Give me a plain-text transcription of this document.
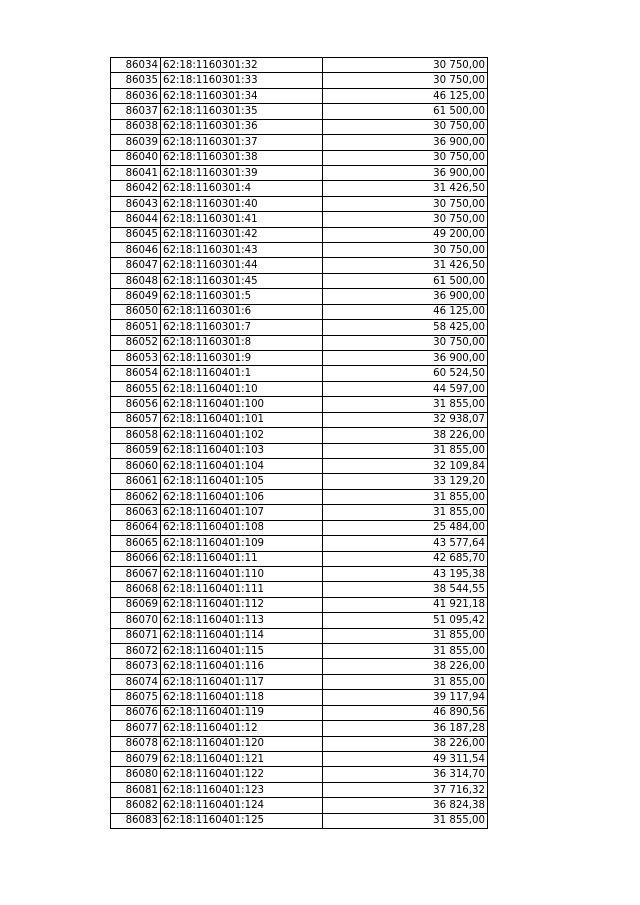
86034	62:18:1160301:32	30 750,00
86035	62:18:1160301:33	30 750,00
86036	62:18:1160301:34	46 125,00
86037	62:18:1160301:35	61 500,00
86038	62:18:1160301:36	30 750,00
86039	62:18:1160301:37	36 900,00
86040	62:18:1160301:38	30 750,00
86041	62:18:1160301:39	36 900,00
86042	62:18:1160301:4	31 426,50
86043	62:18:1160301:40	30 750,00
86044	62:18:1160301:41	30 750,00
86045	62:18:1160301:42	49 200,00
86046	62:18:1160301:43	30 750,00
86047	62:18:1160301:44	31 426,50
86048	62:18:1160301:45	61 500,00
86049	62:18:1160301:5	36 900,00
86050	62:18:1160301:6	46 125,00
86051	62:18:1160301:7	58 425,00
86052	62:18:1160301:8	30 750,00
86053	62:18:1160301:9	36 900,00
86054	62:18:1160401:1	60 524,50
86055	62:18:1160401:10	44 597,00
86056	62:18:1160401:100	31 855,00
86057	62:18:1160401:101	32 938,07
86058	62:18:1160401:102	38 226,00
86059	62:18:1160401:103	31 855,00
86060	62:18:1160401:104	32 109,84
86061	62:18:1160401:105	33 129,20
86062	62:18:1160401:106	31 855,00
86063	62:18:1160401:107	31 855,00
86064	62:18:1160401:108	25 484,00
86065	62:18:1160401:109	43 577,64
86066	62:18:1160401:11	42 685,70
86067	62:18:1160401:110	43 195,38
86068	62:18:1160401:111	38 544,55
86069	62:18:1160401:112	41 921,18
86070	62:18:1160401:113	51 095,42
86071	62:18:1160401:114	31 855,00
86072	62:18:1160401:115	31 855,00
86073	62:18:1160401:116	38 226,00
86074	62:18:1160401:117	31 855,00
86075	62:18:1160401:118	39 117,94
86076	62:18:1160401:119	46 890,56
86077	62:18:1160401:12	36 187,28
86078	62:18:1160401:120	38 226,00
86079	62:18:1160401:121	49 311,54
86080	62:18:1160401:122	36 314,70
86081	62:18:1160401:123	37 716,32
86082	62:18:1160401:124	36 824,38
86083	62:18:1160401:125	31 855,00
